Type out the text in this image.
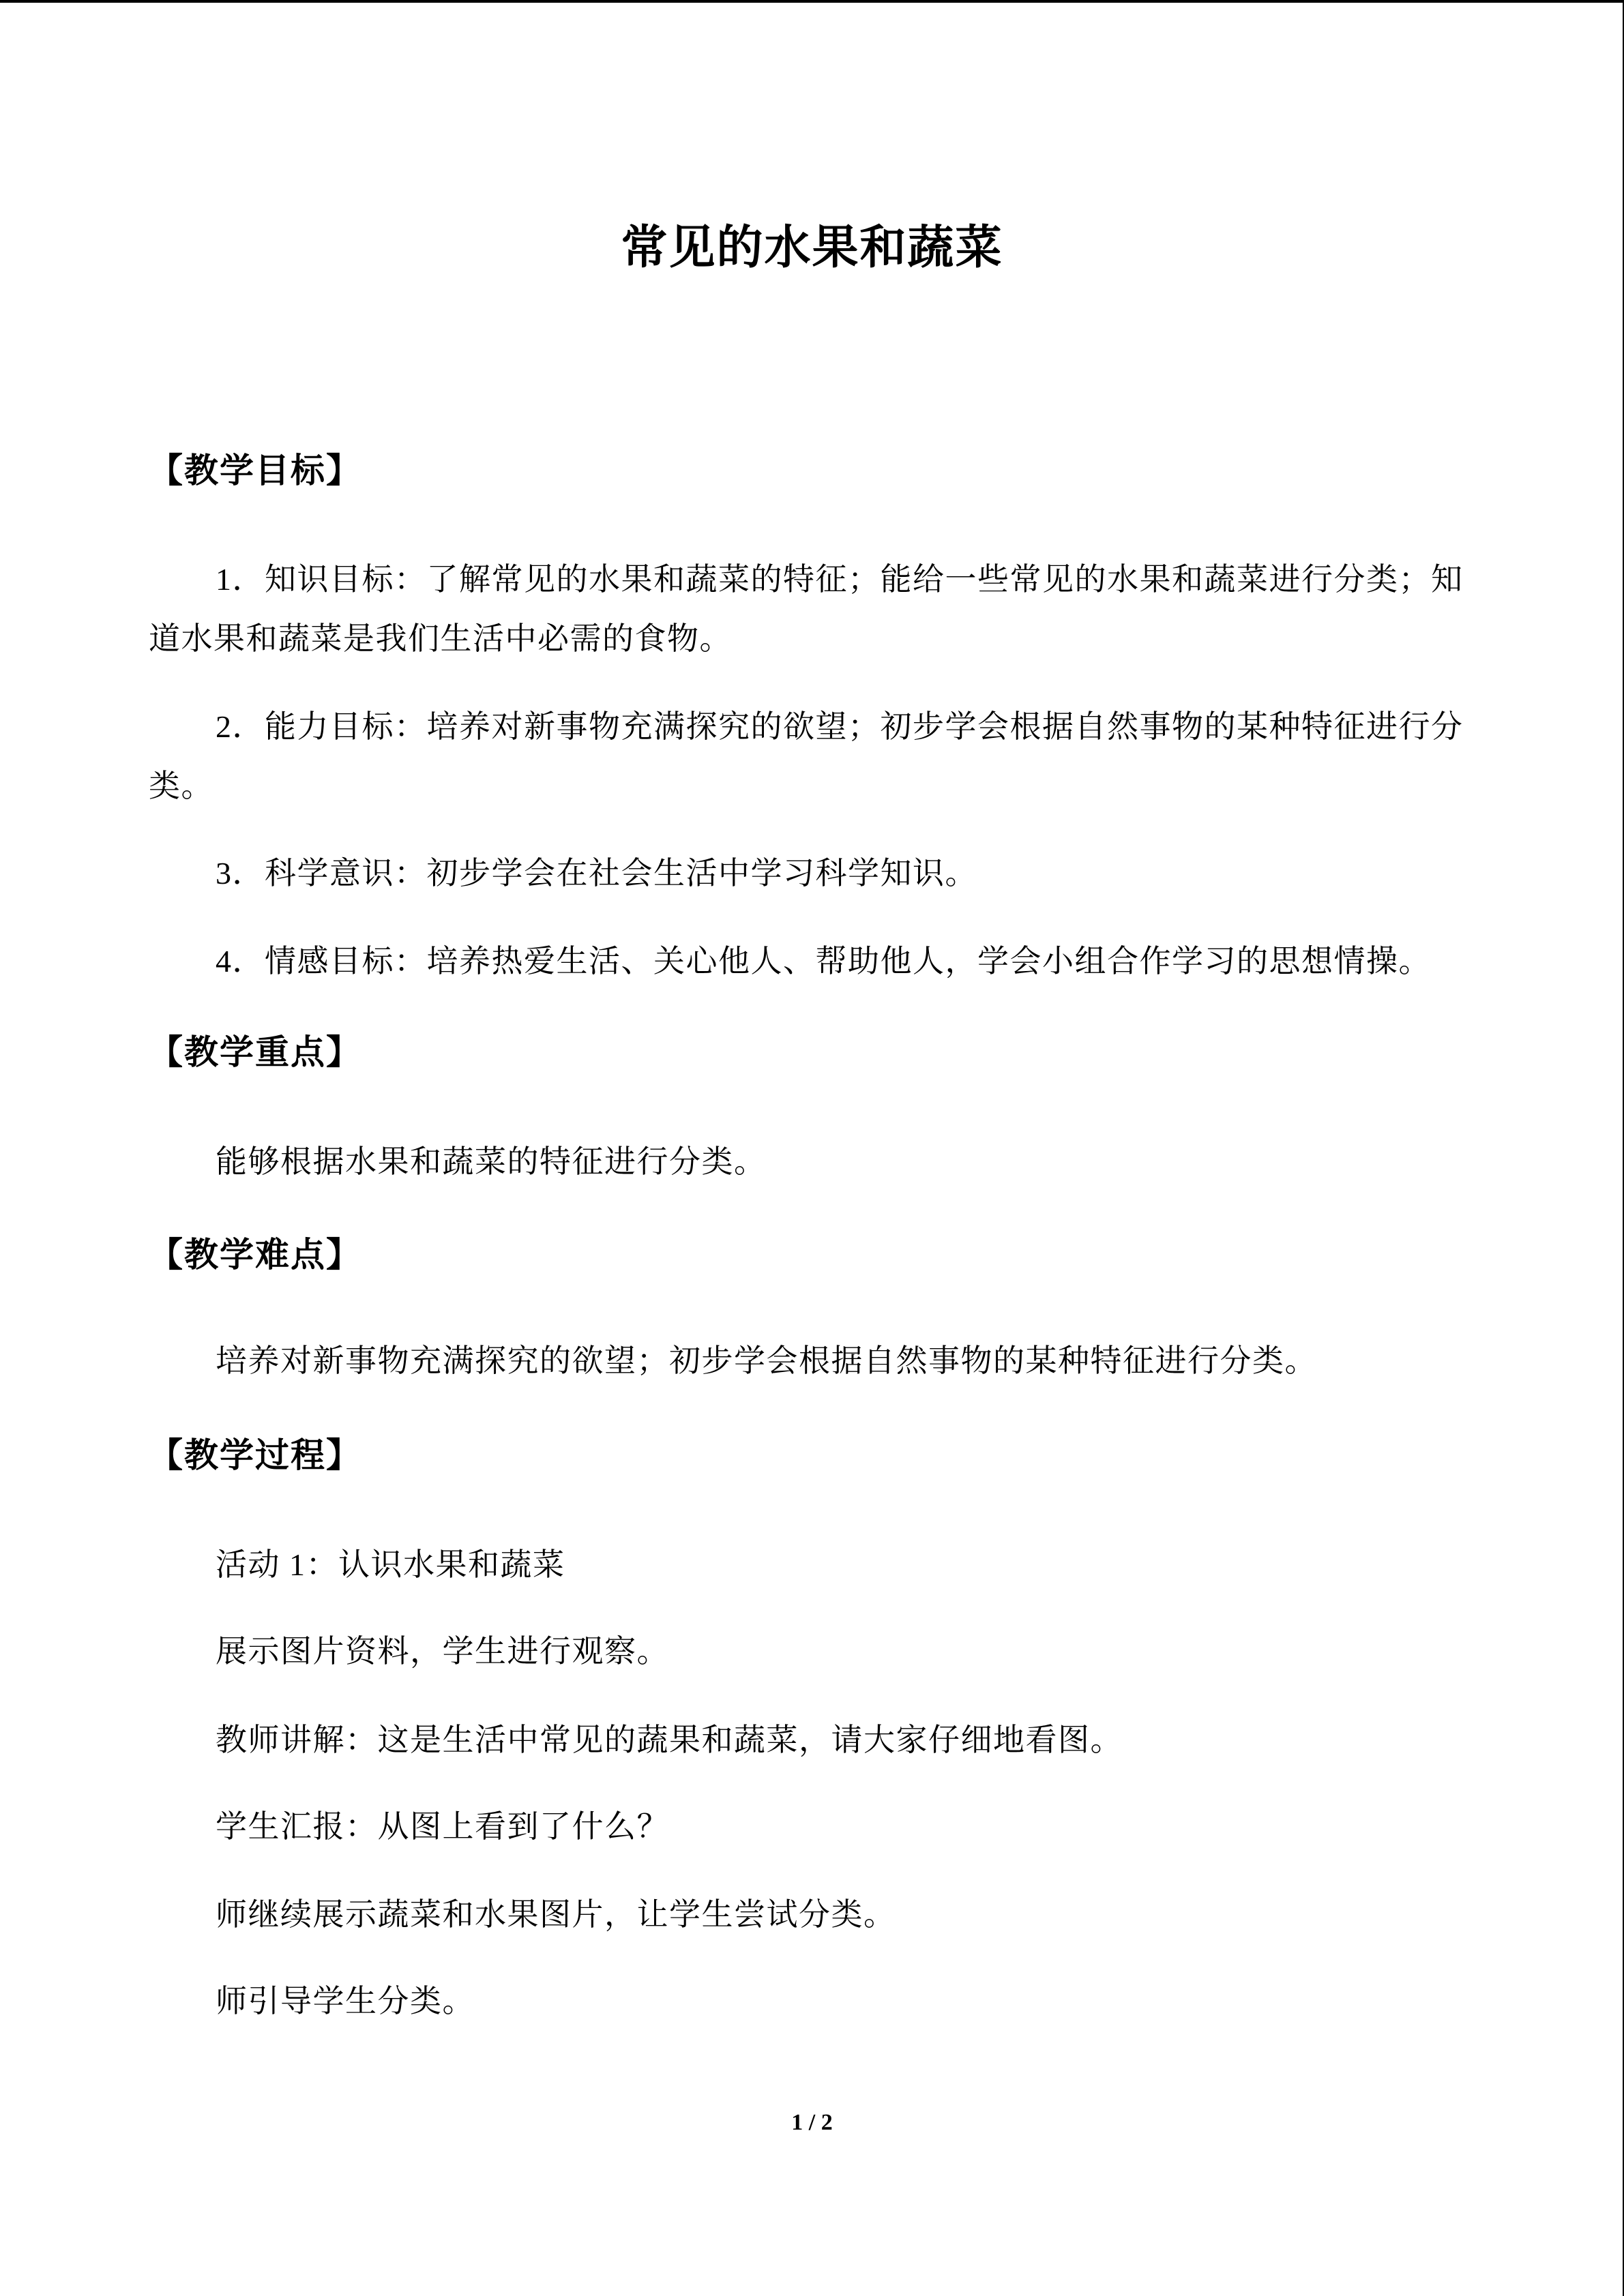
常见的水果和蔬菜
【教学目标】
1．知识目标：了解常见的水果和蔬菜的特征；能给一些常见的水果和蔬菜进行分类；知
道水果和蔬菜是我们生活中必需的食物。
2．能力目标：培养对新事物充满探究的欲望；初步学会根据自然事物的某种特征进行分
类。
3．科学意识：初步学会在社会生活中学习科学知识。
4．情感目标：培养热爱生活、关心他人、帮助他人，学会小组合作学习的思想情操。
【教学重点】
能够根据水果和蔬菜的特征进行分类。
【教学难点】
培养对新事物充满探究的欲望；初步学会根据自然事物的某种特征进行分类。
【教学过程】
活动 1：认识水果和蔬菜
展示图片资料，学生进行观察。
教师讲解：这是生活中常见的蔬果和蔬菜，请大家仔细地看图。
学生汇报：从图上看到了什么？
师继续展示蔬菜和水果图片，让学生尝试分类。
师引导学生分类。
1 / 2
